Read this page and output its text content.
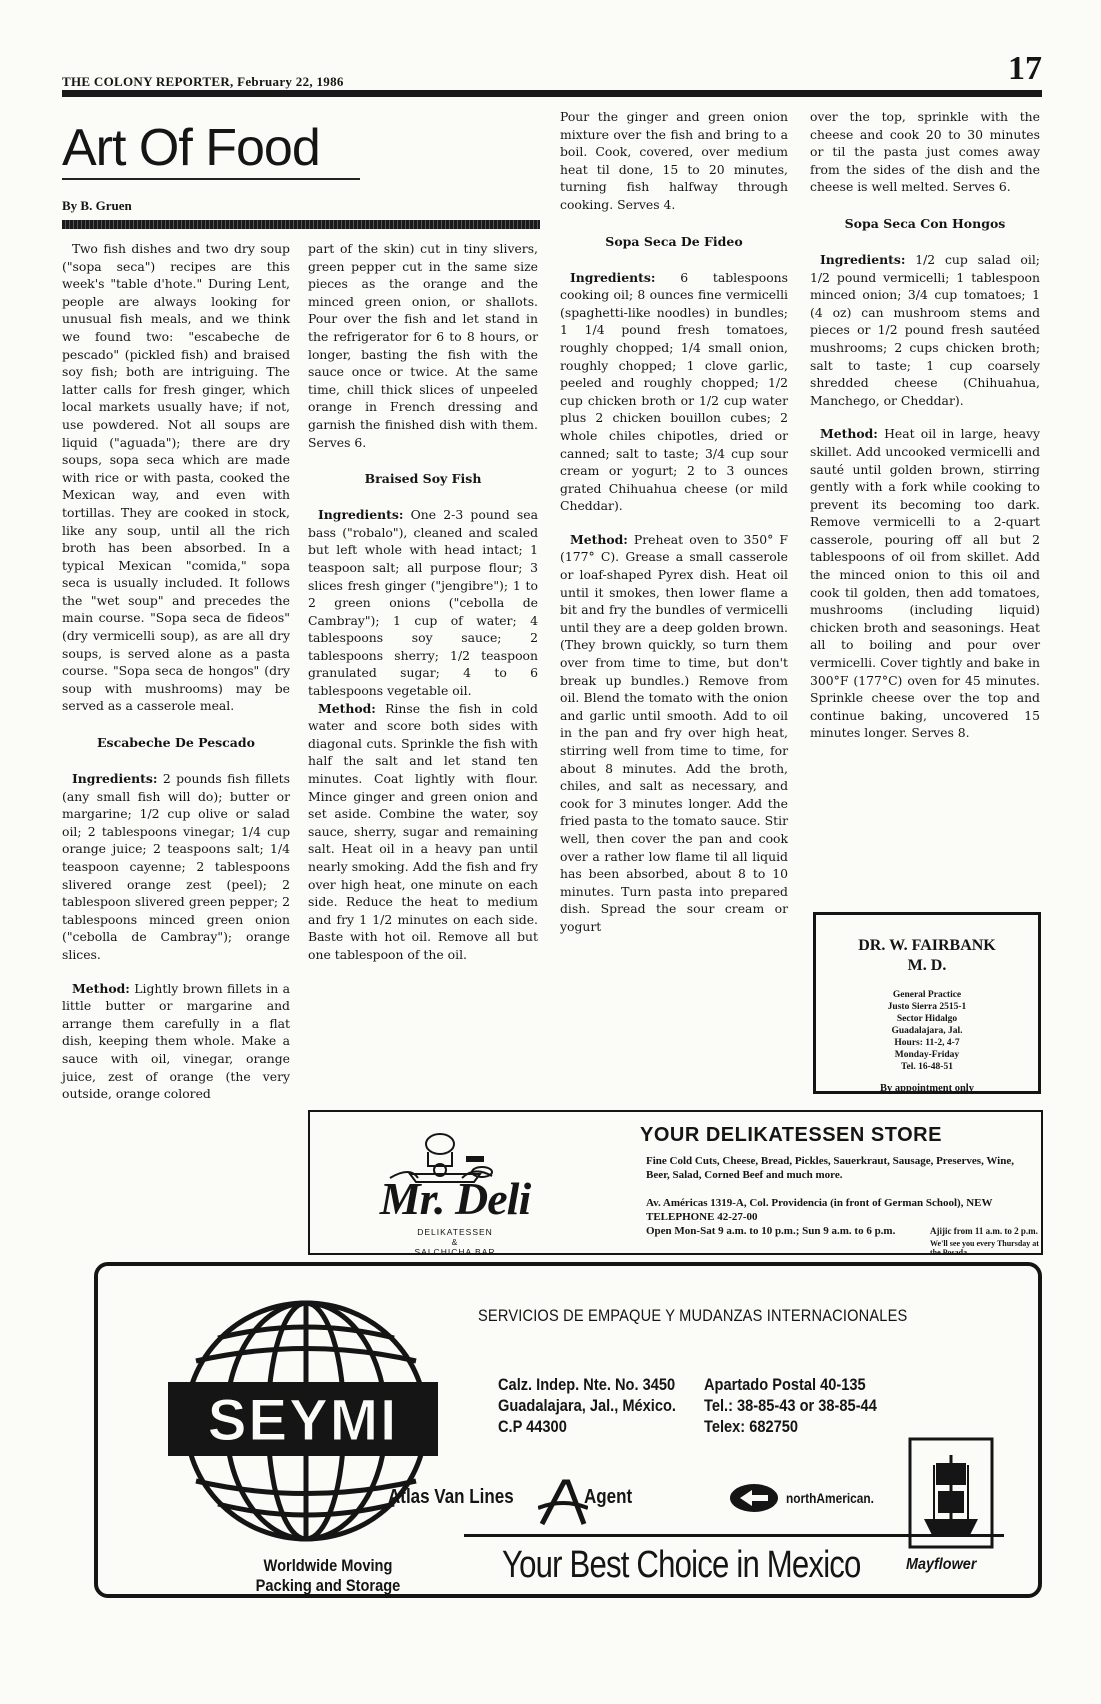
THE COLONY REPORTER, February 22, 1986	17
Art Of Food
By B. Gruen

Two fish dishes and two dry soup ("sopa seca") recipes are this week's "table d'hote." During Lent, people are always looking for unusual fish meals, and we think we found two: "escabeche de pescado" (pickled fish) and braised soy fish; both are intriguing. The latter calls for fresh ginger, which local markets usually have; if not, use powdered. Not all soups are liquid ("aguada"); there are dry soups, sopa seca which are made with rice or with pasta, cooked the Mexican way, and even with tortillas. They are cooked in stock, like any soup, until all the rich broth has been absorbed. In a typical Mexican "comida," sopa seca is usually included. It follows the "wet soup" and precedes the main course. "Sopa seca de fideos" (dry vermicelli soup), as are all dry soups, is served alone as a pasta course. "Sopa seca de hongos" (dry soup with mushrooms) may be served as a casserole meal.

Escabeche De Pescado

Ingredients: 2 pounds fish fillets (any small fish will do); butter or margarine; 1/2 cup olive or salad oil; 2 tablespoons vinegar; 1/4 cup orange juice; 2 teaspoons salt; 1/4 teaspoon cayenne; 2 tablespoons slivered orange zest (peel); 2 tablespoon slivered green pepper; 2 tablespoons minced green onion ("cebolla de Cambray"); orange slices.

Method: Lightly brown fillets in a little butter or margarine and arrange them carefully in a flat dish, keeping them whole. Make a sauce with oil, vinegar, orange juice, zest of orange (the very outside, orange colored

part of the skin) cut in tiny slivers, green pepper cut in the same size pieces as the orange and the minced green onion, or shallots. Pour over the fish and let stand in the refrigerator for 6 to 8 hours, or longer, basting the fish with the sauce once or twice. At the same time, chill thick slices of unpeeled orange in French dressing and garnish the finished dish with them. Serves 6.

Braised Soy Fish

Ingredients: One 2-3 pound sea bass ("robalo"), cleaned and scaled but left whole with head intact; 1 teaspoon salt; all purpose flour; 3 slices fresh ginger ("jengibre"); 1 to 2 green onions ("cebolla de Cambray"); 1 cup of water; 4 tablespoons soy sauce; 2 tablespoons sherry; 1/2 teaspoon granulated sugar; 4 to 6 tablespoons vegetable oil.

Method: Rinse the fish in cold water and score both sides with diagonal cuts. Sprinkle the fish with half the salt and let stand ten minutes. Coat lightly with flour. Mince ginger and green onion and set aside. Combine the water, soy sauce, sherry, sugar and remaining salt. Heat oil in a heavy pan until nearly smoking. Add the fish and fry over high heat, one minute on each side. Reduce the heat to medium and fry 1 1/2 minutes on each side. Baste with hot oil. Remove all but one tablespoon of the oil.

Pour the ginger and green onion mixture over the fish and bring to a boil. Cook, covered, over medium heat til done, 15 to 20 minutes, turning fish halfway through cooking. Serves 4.

Sopa Seca De Fideo

Ingredients: 6 tablespoons cooking oil; 8 ounces fine vermicelli (spaghetti-like noodles) in bundles; 1 1/4 pound fresh tomatoes, roughly chopped; 1/4 small onion, roughly chopped; 1 clove garlic, peeled and roughly chopped; 1/2 cup chicken broth or 1/2 cup water plus 2 chicken bouillon cubes; 2 whole chiles chipotles, dried or canned; salt to taste; 3/4 cup sour cream or yogurt; 2 to 3 ounces grated Chihuahua cheese (or mild Cheddar).

Method: Preheat oven to 350° F (177° C). Grease a small casserole or loaf-shaped Pyrex dish. Heat oil until it smokes, then lower flame a bit and fry the bundles of vermicelli until they are a deep golden brown. (They brown quickly, so turn them over from time to time, but don't break up bundles.) Remove from oil. Blend the tomato with the onion and garlic until smooth. Add to oil in the pan and fry over high heat, stirring well from time to time, for about 8 minutes. Add the broth, chiles, and salt as necessary, and cook for 3 minutes longer. Add the fried pasta to the tomato sauce. Stir well, then cover the pan and cook over a rather low flame til all liquid has been absorbed, about 8 to 10 minutes. Turn pasta into prepared dish. Spread the sour cream or yogurt

over the top, sprinkle with the cheese and cook 20 to 30 minutes or til the pasta just comes away from the sides of the dish and the cheese is well melted. Serves 6.

Sopa Seca Con Hongos

Ingredients: 1/2 cup salad oil; 1/2 pound vermicelli; 1 tablespoon minced onion; 3/4 cup tomatoes; 1 (4 oz) can mushroom stems and pieces or 1/2 pound fresh sautéed mushrooms; 2 cups chicken broth; salt to taste; 1 cup coarsely shredded cheese (Chihuahua, Manchego, or Cheddar).

Method: Heat oil in large, heavy skillet. Add uncooked vermicelli and sauté until golden brown, stirring gently with a fork while cooking to prevent its becoming too dark. Remove vermicelli to a 2-quart casserole, pouring off all but 2 tablespoons of oil from skillet. Add the minced onion to this oil and cook til golden, then add tomatoes, mushrooms (including liquid) chicken broth and seasonings. Heat all to boiling and pour over vermicelli. Cover tightly and bake in 300°F (177°C) oven for 45 minutes. Sprinkle cheese over the top and continue baking, uncovered 15 minutes longer. Serves 8.

DR. W. FAIRBANK
M. D.
General Practice
Justo Sierra 2515-1
Sector Hidalgo
Guadalajara, Jal.
Hours: 11-2, 4-7
Monday-Friday
Tel. 16-48-51
By appointment only
Mr. Deli
DELIKATESSEN
&
SALCHICHA BAR
YOUR DELIKATESSEN STORE
Fine Cold Cuts, Cheese, Bread, Pickles, Sauerkraut, Sausage, Preserves, Wine, Beer, Salad, Corned Beef and much more.
Av. Américas 1319-A, Col. Providencia (in front of German School), NEW TELEPHONE 42-27-00
Open Mon-Sat 9 a.m. to 10 p.m.; Sun 9 a.m. to 6 p.m.	Ajijic from 11 a.m. to 2 p.m.
We'll see you every Thursday at the Posada
SEYMI
SERVICIOS DE EMPAQUE Y MUDANZAS INTERNACIONALES
Calz. Indep. Nte. No. 3450
Guadalajara, Jal., México.
C.P 44300
Apartado Postal 40-135
Tel.: 38-85-43 or 38-85-44
Telex: 682750
Atlas Van Lines	Agent	northAmerican.
Mayflower
Worldwide Moving
Packing and Storage	Your Best Choice in Mexico
